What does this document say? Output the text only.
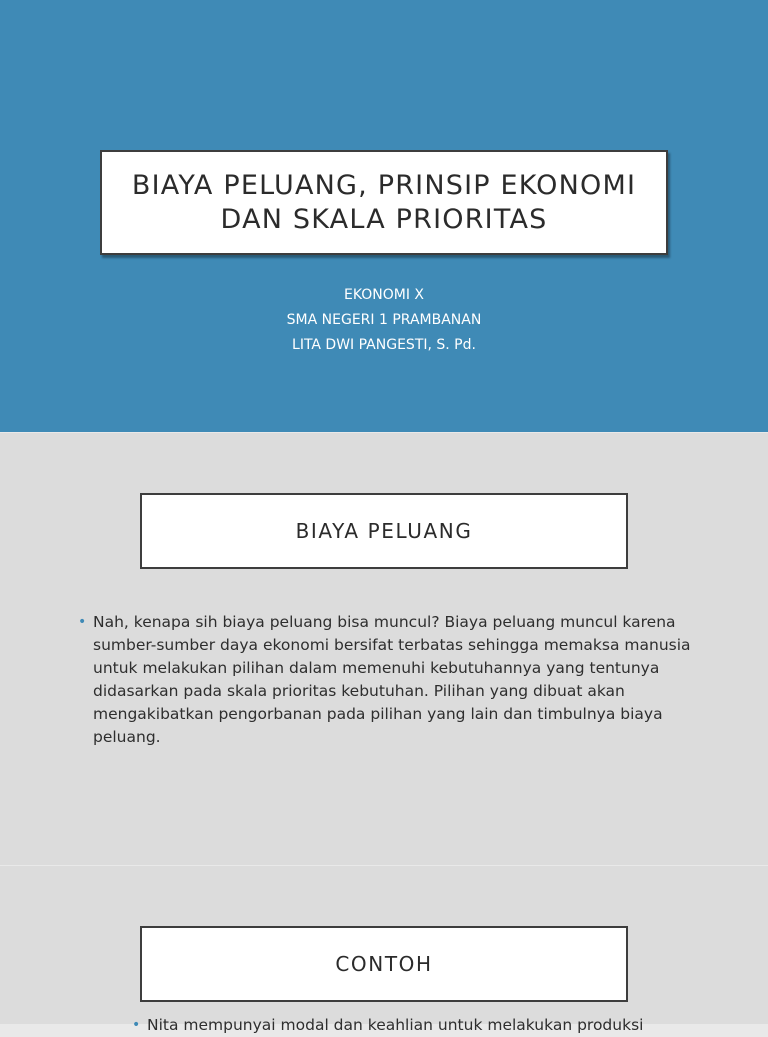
BIAYA PELUANG, PRINSIP EKONOMI
DAN SKALA PRIORITAS
EKONOMI X
SMA NEGERI 1 PRAMBANAN
LITA DWI PANGESTI, S. Pd.
BIAYA PELUANG
• Nah, kenapa sih biaya peluang bisa muncul? Biaya peluang muncul karena sumber-sumber daya ekonomi bersifat terbatas sehingga memaksa manusia untuk melakukan pilihan dalam memenuhi kebutuhannya yang tentunya didasarkan pada skala prioritas kebutuhan. Pilihan yang dibuat akan mengakibatkan pengorbanan pada pilihan yang lain dan timbulnya biaya peluang.
CONTOH
• Nita mempunyai modal dan keahlian untuk melakukan produksi
